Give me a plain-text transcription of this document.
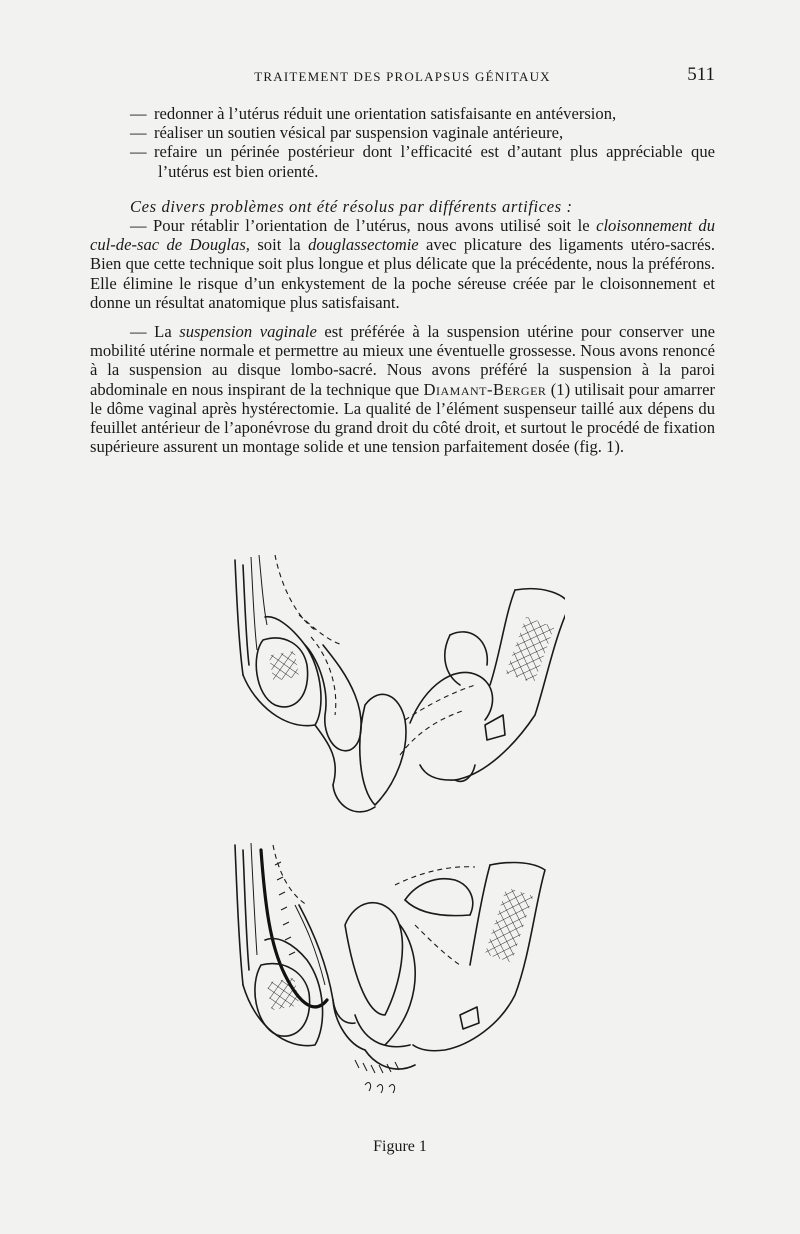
TRAITEMENT DES PROLAPSUS GÉNITAUX	511

— redonner à l’utérus réduit une orientation satisfaisante en antéversion,

— réaliser un soutien vésical par suspension vaginale antérieure,

— refaire un périnée postérieur dont l’efficacité est d’autant plus appréciable que l’utérus est bien orienté.

Ces divers problèmes ont été résolus par différents artifices :

— Pour rétablir l’orientation de l’utérus, nous avons utilisé soit le cloisonnement du cul-de-sac de Douglas, soit la douglassectomie avec plicature des ligaments utéro-sacrés. Bien que cette technique soit plus longue et plus délicate que la précédente, nous la préférons. Elle élimine le risque d’un enkystement de la poche séreuse créée par le cloisonnement et donne un résultat anatomique plus satisfaisant.

— La suspension vaginale est préférée à la suspension utérine pour conserver une mobilité utérine normale et permettre au mieux une éventuelle grossesse. Nous avons renoncé à la suspension au disque lombo-sacré. Nous avons préféré la suspension à la paroi abdominale en nous inspirant de la technique que Diamant-Berger (1) utilisait pour amarrer le dôme vaginal après hystérectomie. La qualité de l’élément suspenseur taillé aux dépens du feuillet antérieur de l’aponévrose du grand droit du côté droit, et surtout le procédé de fixation supérieure assurent un montage solide et une tension parfaitement dosée (fig. 1).

Figure 1
